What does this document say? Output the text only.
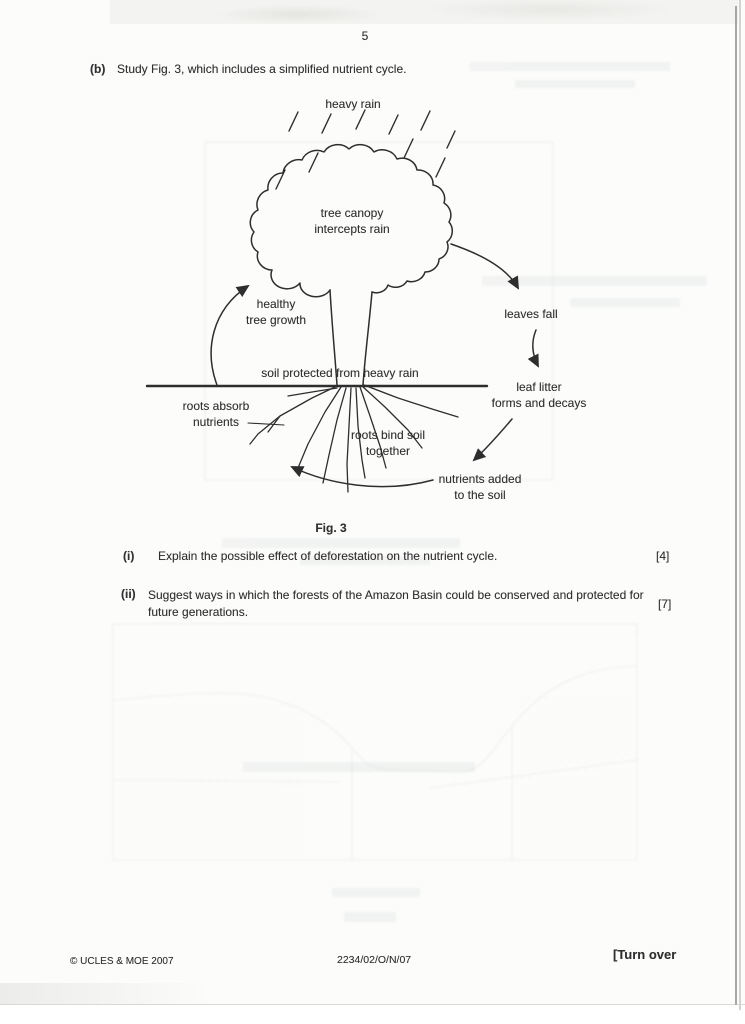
5
(b) Study Fig. 3, which includes a simplified nutrient cycle.
heavy rain
tree canopy
intercepts rain
healthy
tree growth	leaves fall
soil protected from heavy rain
leaf litter
forms and decays
roots absorb
nutrients
roots bind soil
together
nutrients added
to the soil
Fig. 3
(i) Explain the possible effect of deforestation on the nutrient cycle.	[4]
(ii) Suggest ways in which the forests of the Amazon Basin could be conserved and protected for future generations.
[7]
© UCLES & MOE 2007	2234/02/O/N/07	[Turn over
